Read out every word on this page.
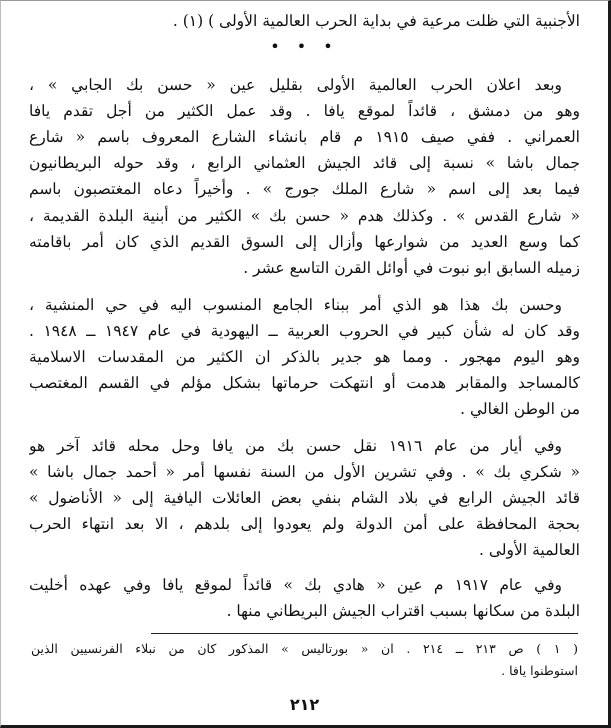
الأجنبية التي ظلت مرعية في بداية الحرب العالمية الأولى ) (١) .
• • •
وبعد اعلان الحرب العالمية الأولى بقليل عين « حسن بك الجابي » ،
وهو من دمشق ، قائداً لموقع يافا . وقد عمل الكثير من أجل تقدم يافا
العمراني . ففي صيف ١٩١٥ م قام بانشاء الشارع المعروف باسم « شارع
جمال باشا » نسبة إلى قائد الجيش العثماني الرابع ، وقد حوله البريطانيون
فيما بعد إلى اسم « شارع الملك جورج » . وأخيراً دعاه المغتصبون باسم
« شارع القدس » . وكذلك هدم « حسن بك » الكثير من أبنية البلدة القديمة ،
كما وسع العديد من شوارعها وأزال إلى السوق القديم الذي كان أمر باقامته
زميله السابق ابو نبوت في أوائل القرن التاسع عشر .
وحسن بك هذا هو الذي أمر ببناء الجامع المنسوب اليه في حي المنشية ،
وقد كان له شأن كبير في الحروب العربية ــ اليهودية في عام ١٩٤٧ ــ ١٩٤٨ .
وهو اليوم مهجور . ومما هو جدير بالذكر ان الكثير من المقدسات الاسلامية
كالمساجد والمقابر هدمت أو انتهكت حرماتها بشكل مؤلم في القسم المغتصب
من الوطن الغالي .
وفي أيار من عام ١٩١٦ نقل حسن بك من يافا وحل محله قائد آخر هو
« شكري بك » . وفي تشرين الأول من السنة نفسها أمر « أحمد جمال باشا »
قائد الجيش الرابع في بلاد الشام بنفي بعض العائلات اليافية إلى « الأناضول »
بحجة المحافظة على أمن الدولة ولم يعودوا إلى بلدهم ، الا بعد انتهاء الحرب
العالمية الأولى .
وفي عام ١٩١٧ م عين « هادي بك » قائداً لموقع يافا وفي عهده أخليت
البلدة من سكانها بسبب اقتراب الجيش البريطاني منها .
( ١ ) ص ٢١٣ ــ ٢١٤ . ان « بورتاليس » المذكور كان من نبلاء الفرنسيين الذين
استوطنوا يافا .
٢١٢
